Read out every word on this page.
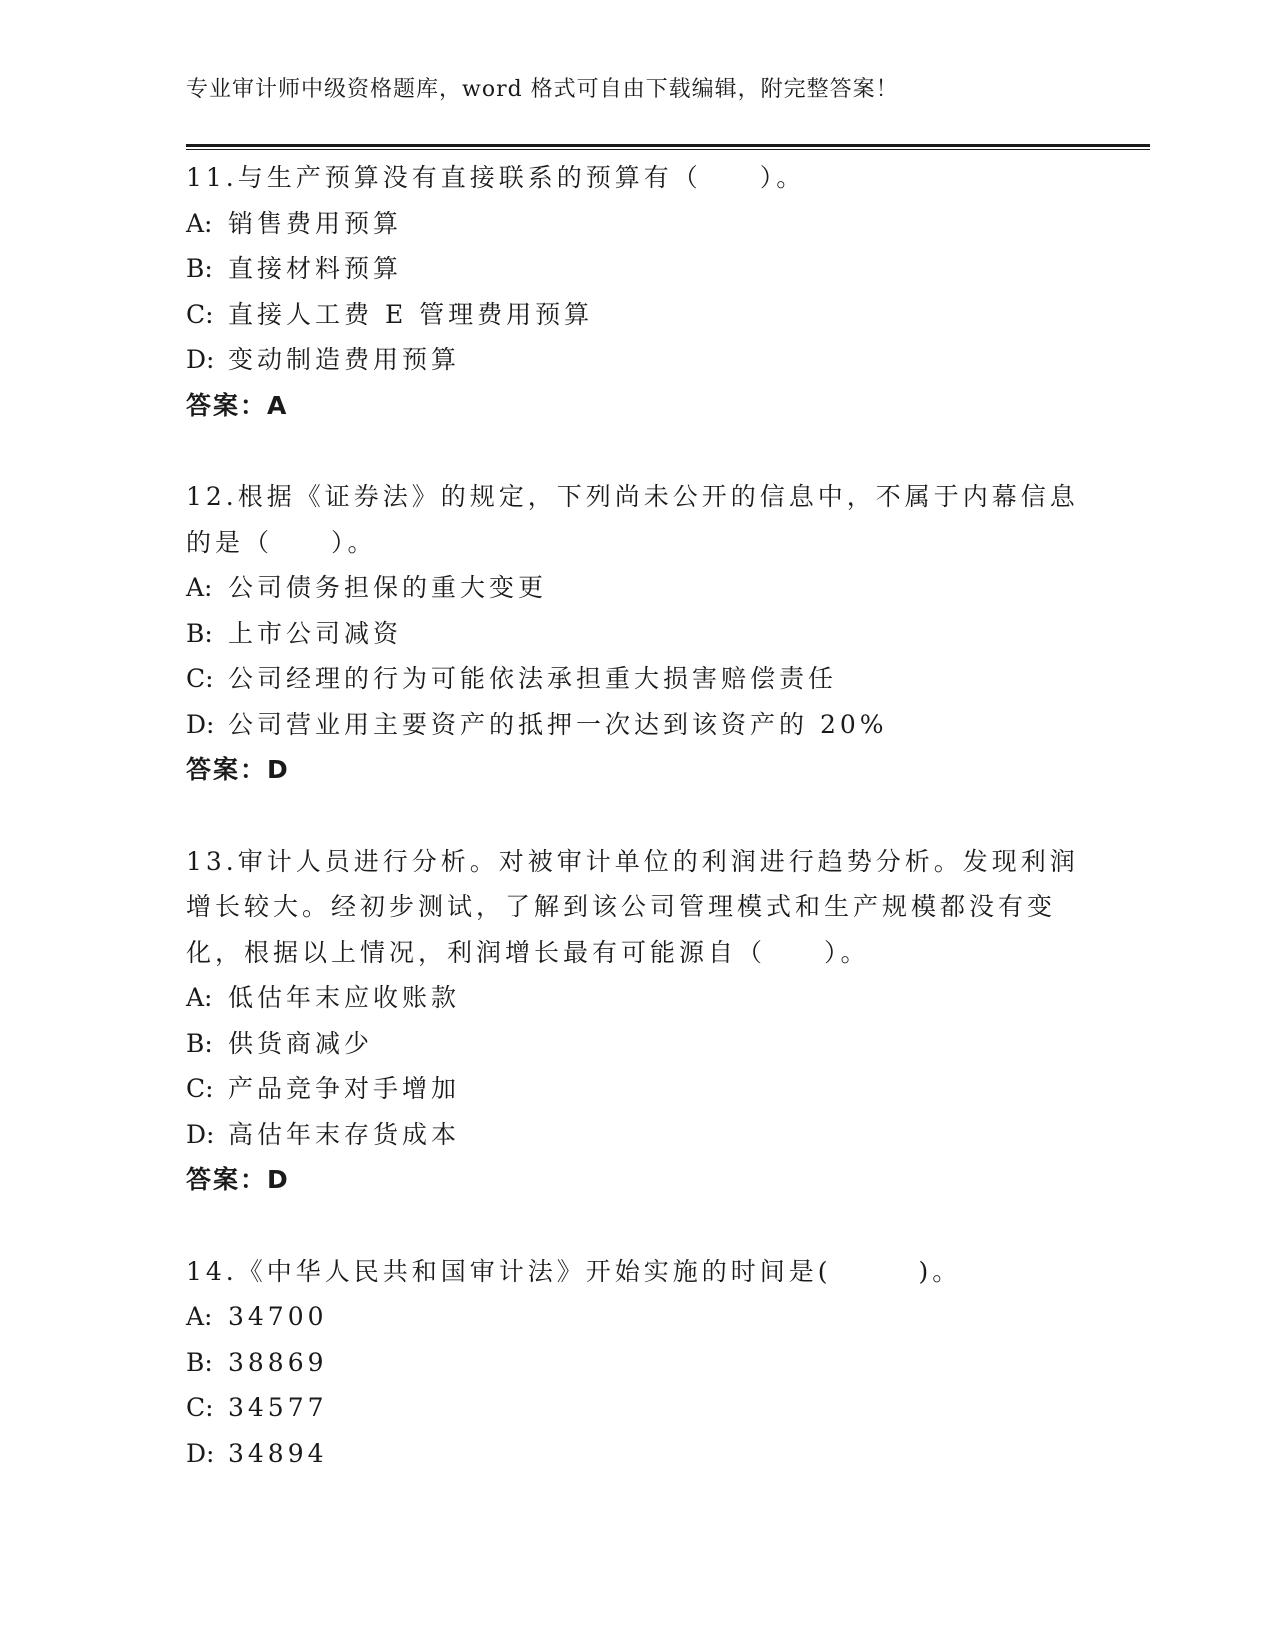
专业审计师中级资格题库，word 格式可自由下载编辑，附完整答案！
11.与生产预算没有直接联系的预算有（　　）。
A: 销售费用预算
B: 直接材料预算
C: 直接人工费 E 管理费用预算
D: 变动制造费用预算
答案：A
12.根据《证券法》的规定，下列尚未公开的信息中，不属于内幕信息
的是（　　）。
A: 公司债务担保的重大变更
B: 上市公司减资
C: 公司经理的行为可能依法承担重大损害赔偿责任
D: 公司营业用主要资产的抵押一次达到该资产的 20%
答案：D
13.审计人员进行分析。对被审计单位的利润进行趋势分析。发现利润
增长较大。经初步测试，了解到该公司管理模式和生产规模都没有变
化，根据以上情况，利润增长最有可能源自（　　）。
A: 低估年末应收账款
B: 供货商减少
C: 产品竞争对手增加
D: 高估年末存货成本
答案：D
14.《中华人民共和国审计法》开始实施的时间是(　　　)。
A: 34700
B: 38869
C: 34577
D: 34894
